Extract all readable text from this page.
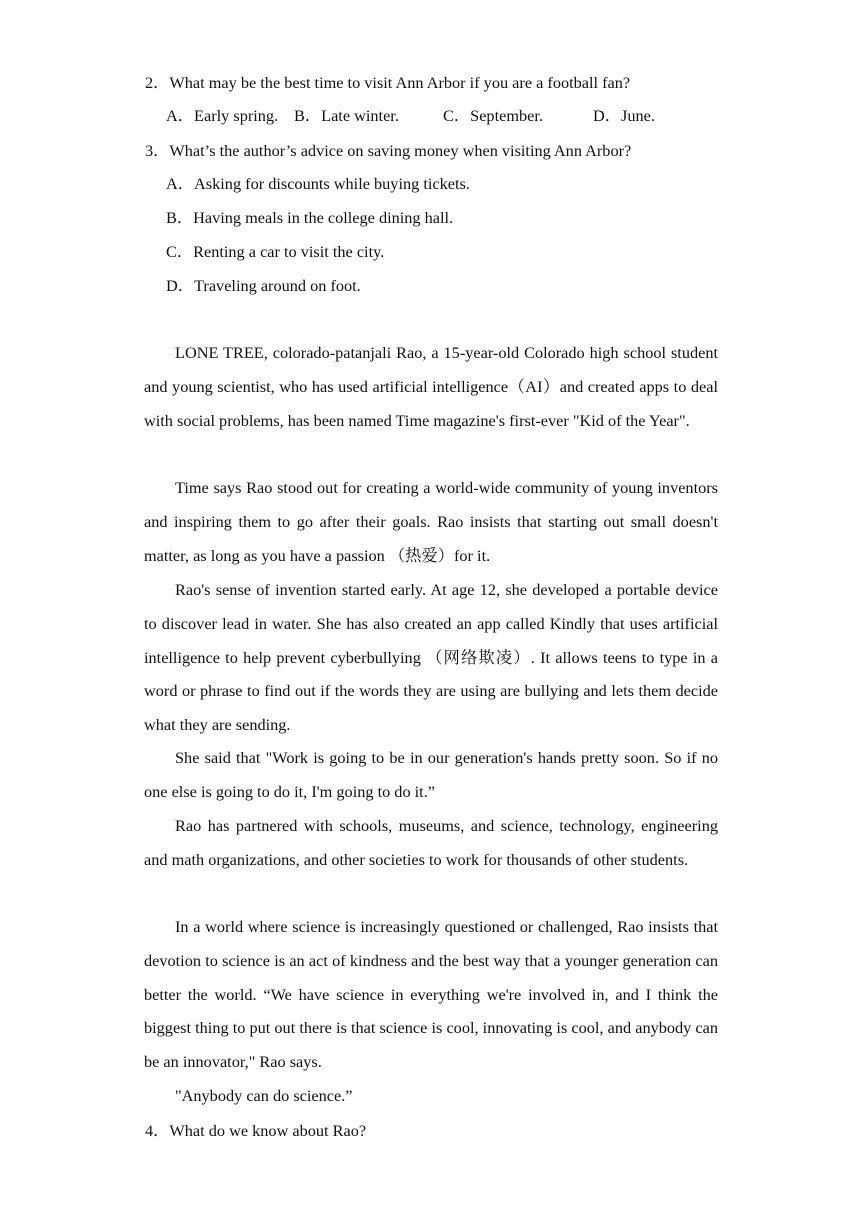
2．What may be the best time to visit Ann Arbor if you are a football fan?
A．Early spring. B．Late winter.	C．September.	D．June.
3．What’s the author’s advice on saving money when visiting Ann Arbor?
A．Asking for discounts while buying tickets.
B．Having meals in the college dining hall.
C．Renting a car to visit the city.
D．Traveling around on foot.

LONE TREE, colorado-patanjali Rao, a 15-year-old Colorado high school student and young scientist, who has used artificial intelligence（AI）and created apps to deal with social problems, has been named Time magazine's first-ever "Kid of the Year".

Time says Rao stood out for creating a world-wide community of young inventors and inspiring them to go after their goals. Rao insists that starting out small doesn't matter, as long as you have a passion （热爱）for it.

Rao's sense of invention started early. At age 12, she developed a portable device to discover lead in water. She has also created an app called Kindly that uses artificial intelligence to help prevent cyberbullying （网络欺凌）. It allows teens to type in a word or phrase to find out if the words they are using are bullying and lets them decide what they are sending.

She said that "Work is going to be in our generation's hands pretty soon. So if no one else is going to do it, I'm going to do it.”

Rao has partnered with schools, museums, and science, technology, engineering and math organizations, and other societies to work for thousands of other students.

In a world where science is increasingly questioned or challenged, Rao insists that devotion to science is an act of kindness and the best way that a younger generation can better the world. “We have science in everything we're involved in, and I think the biggest thing to put out there is that science is cool, innovating is cool, and anybody can be an innovator," Rao says.

"Anybody can do science.”

4．What do we know about Rao?
